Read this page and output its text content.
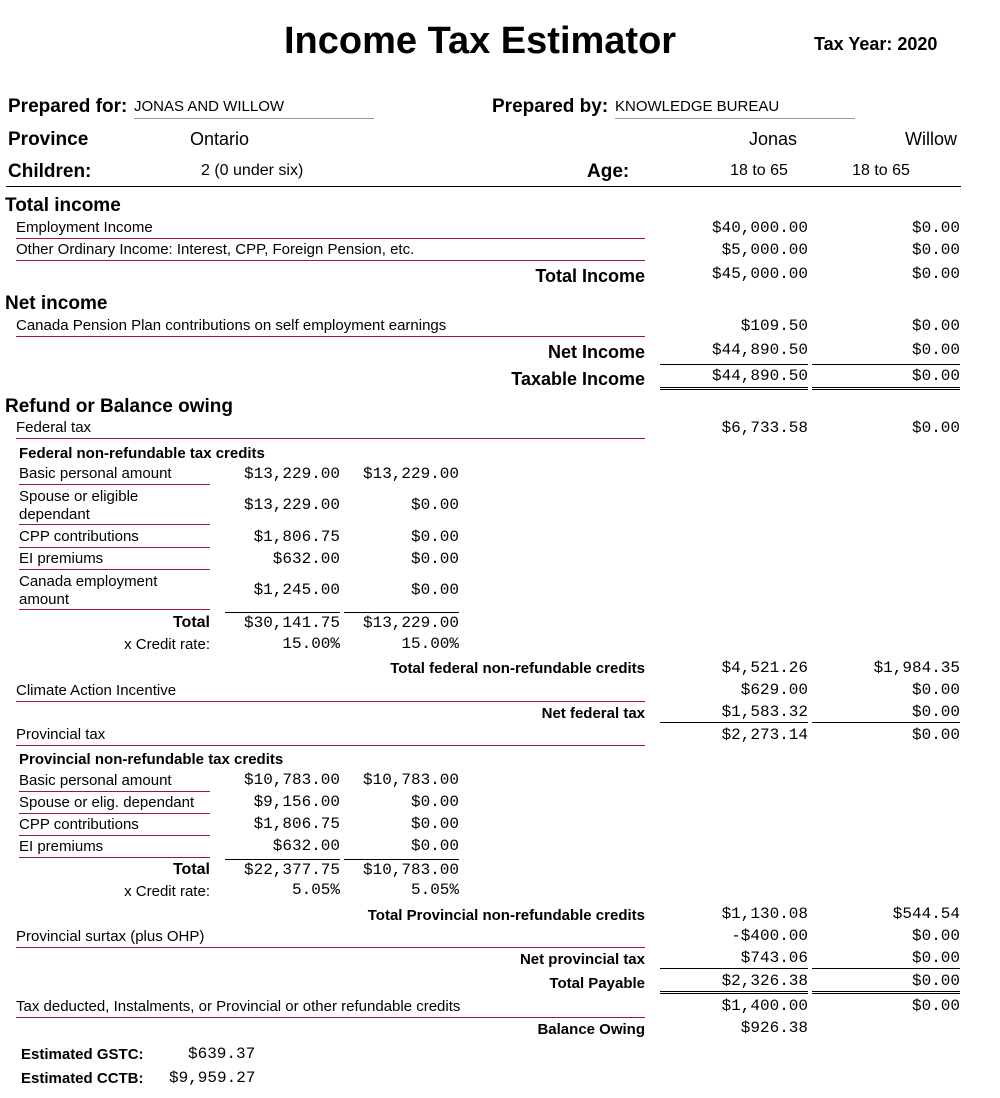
Income Tax Estimator	Tax Year: 2020
Prepared for: JONAS AND WILLOW	Prepared by: KNOWLEDGE BUREAU
Province	Ontario	Jonas	Willow
Children:	2 (0 under six)	Age:	18 to 65	18 to 65
Total income
Employment Income	$40,000.00	$0.00
Other Ordinary Income: Interest, CPP, Foreign Pension, etc.	$5,000.00	$0.00
Total Income	$45,000.00	$0.00
Net income
Canada Pension Plan contributions on self employment earnings	$109.50	$0.00
Net Income	$44,890.50	$0.00
Taxable Income	$44,890.50	$0.00
Refund or Balance owing
Federal tax	$6,733.58	$0.00
Federal non-refundable tax credits
Basic personal amount	$13,229.00	$13,229.00
Spouse or eligible dependant
$13,229.00	$0.00
CPP contributions	$1,806.75	$0.00
EI premiums	$632.00	$0.00
Canada employment amount
$1,245.00	$0.00
Total	$30,141.75	$13,229.00
x Credit rate:	15.00%	15.00%
Total federal non-refundable credits	$4,521.26	$1,984.35
Climate Action Incentive	$629.00	$0.00
Net federal tax	$1,583.32	$0.00
Provincial tax	$2,273.14	$0.00
Provincial non-refundable tax credits
Basic personal amount	$10,783.00	$10,783.00
Spouse or elig. dependant	$9,156.00	$0.00
CPP contributions	$1,806.75	$0.00
EI premiums	$632.00	$0.00
Total	$22,377.75	$10,783.00
x Credit rate:	5.05%	5.05%
Total Provincial non-refundable credits	$1,130.08	$544.54
Provincial surtax (plus OHP)	-$400.00	$0.00
Net provincial tax	$743.06	$0.00
Total Payable	$2,326.38	$0.00
Tax deducted, Instalments, or Provincial or other refundable credits	$1,400.00	$0.00
Balance Owing	$926.38
Estimated GSTC:	$639.37
Estimated CCTB: $9,959.27
